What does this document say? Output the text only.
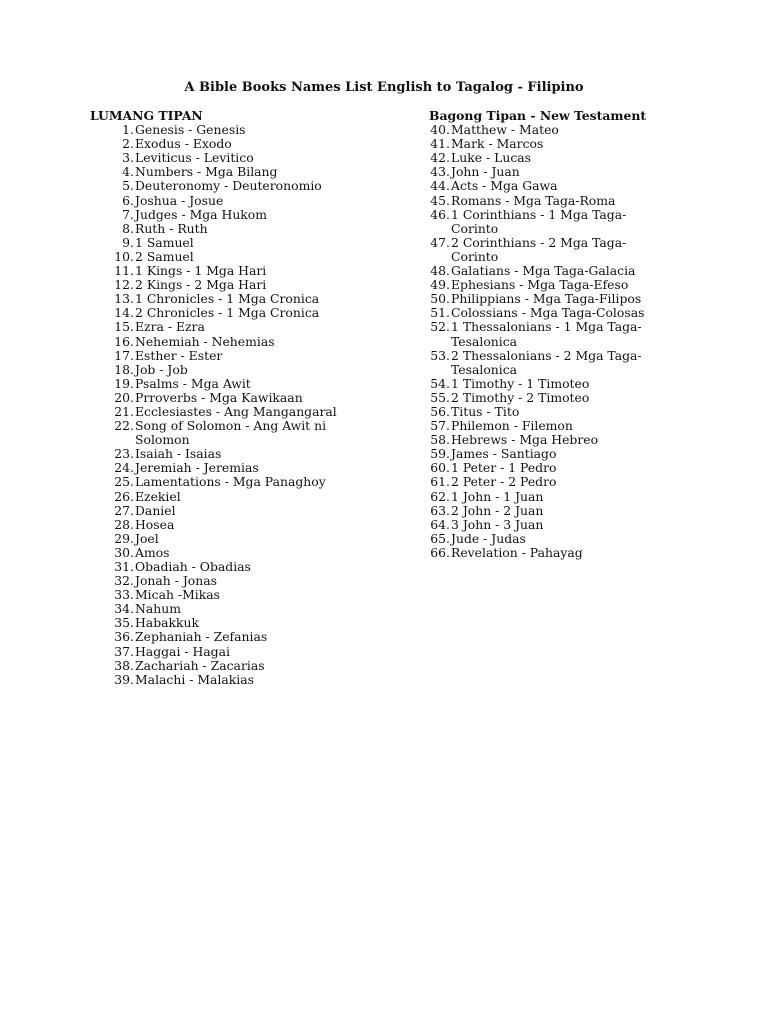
A Bible Books Names List English to Tagalog - Filipino
LUMANG TIPAN
1. Genesis - Genesis
2. Exodus - Exodo
3. Leviticus - Levitico
4. Numbers - Mga Bilang
5. Deuteronomy - Deuteronomio
6. Joshua - Josue
7. Judges - Mga Hukom
8. Ruth - Ruth
9. 1 Samuel
10. 2 Samuel
11. 1 Kings - 1 Mga Hari
12. 2 Kings - 2 Mga Hari
13. 1 Chronicles - 1 Mga Cronica
14. 2 Chronicles - 1 Mga Cronica
15. Ezra - Ezra
16. Nehemiah - Nehemias
17. Esther - Ester
18. Job - Job
19. Psalms - Mga Awit
20. Prroverbs - Mga Kawikaan
21. Ecclesiastes - Ang Mangangaral
22. Song of Solomon - Ang Awit ni Solomon
23. Isaiah - Isaias
24. Jeremiah - Jeremias
25. Lamentations - Mga Panaghoy
26. Ezekiel
27. Daniel
28. Hosea
29. Joel
30. Amos
31. Obadiah - Obadias
32. Jonah - Jonas
33. Micah -Mikas
34. Nahum
35. Habakkuk
36. Zephaniah - Zefanias
37. Haggai - Hagai
38. Zachariah - Zacarias
39. Malachi - Malakias
Bagong Tipan - New Testament
40. Matthew - Mateo
41. Mark - Marcos
42. Luke - Lucas
43. John - Juan
44. Acts - Mga Gawa
45. Romans - Mga Taga-Roma
46. 1 Corinthians - 1 Mga Taga-Corinto
47. 2 Corinthians - 2 Mga Taga-Corinto
48. Galatians - Mga Taga-Galacia
49. Ephesians - Mga Taga-Efeso
50. Philippians - Mga Taga-Filipos
51. Colossians - Mga Taga-Colosas
52. 1 Thessalonians - 1 Mga Taga-Tesalonica
53. 2 Thessalonians - 2 Mga Taga-Tesalonica
54. 1 Timothy - 1 Timoteo
55. 2 Timothy - 2 Timoteo
56. Titus - Tito
57. Philemon - Filemon
58. Hebrews - Mga Hebreo
59. James - Santiago
60. 1 Peter - 1 Pedro
61. 2 Peter - 2 Pedro
62. 1 John - 1 Juan
63. 2 John - 2 Juan
64. 3 John - 3 Juan
65. Jude - Judas
66. Revelation - Pahayag
